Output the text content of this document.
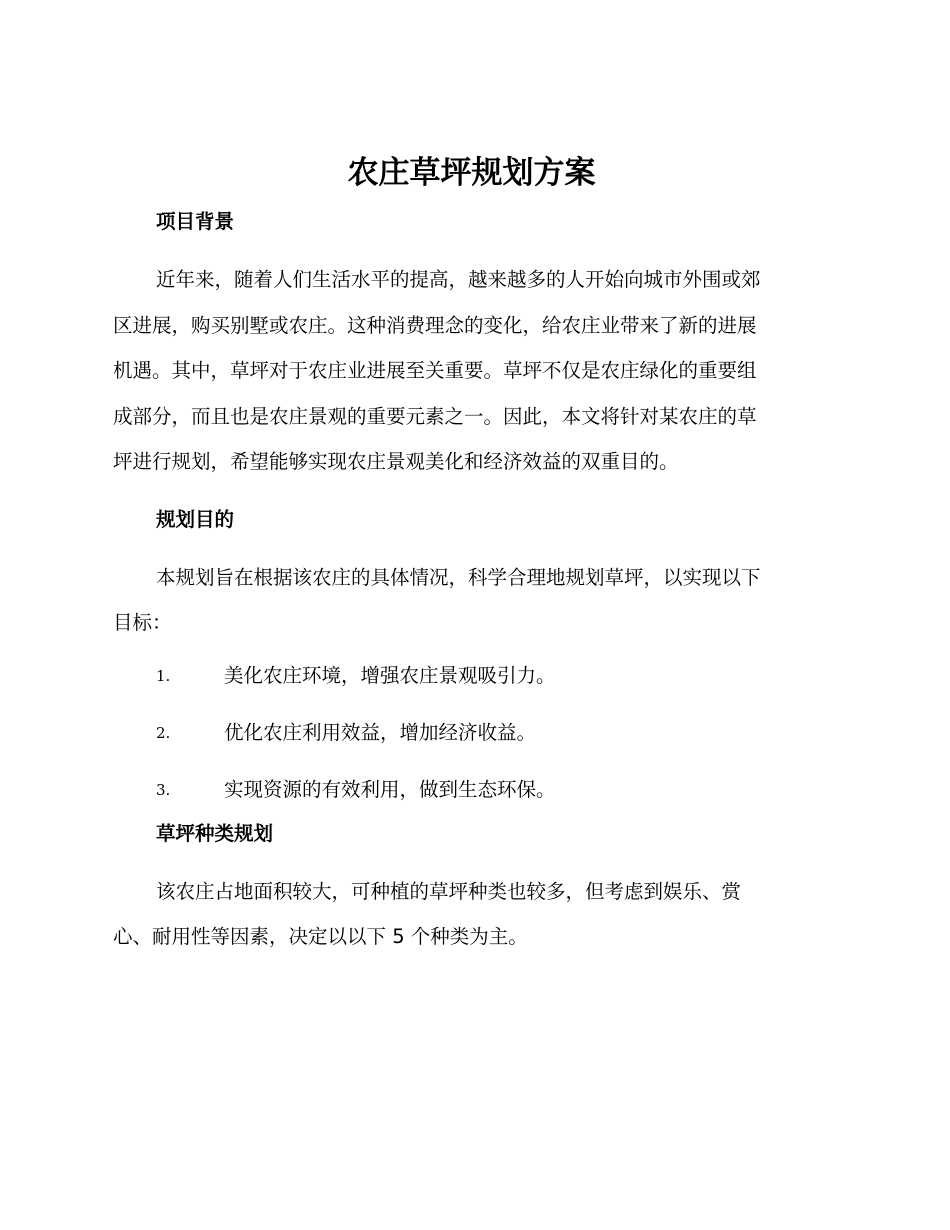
农庄草坪规划方案
项目背景

近年来，随着人们生活水平的提高，越来越多的人开始向城市外围或郊
区进展，购买别墅或农庄。这种消费理念的变化，给农庄业带来了新的进展
机遇。其中，草坪对于农庄业进展至关重要。草坪不仅是农庄绿化的重要组
成部分，而且也是农庄景观的重要元素之一。因此，本文将针对某农庄的草
坪进行规划，希望能够实现农庄景观美化和经济效益的双重目的。

规划目的

本规划旨在根据该农庄的具体情况，科学合理地规划草坪，以实现以下
目标：

1.	美化农庄环境，增强农庄景观吸引力。
2.	优化农庄利用效益，增加经济收益。
3.	实现资源的有效利用，做到生态环保。
草坪种类规划

该农庄占地面积较大，可种植的草坪种类也较多，但考虑到娱乐、赏
心、耐用性等因素，决定以以下 5 个种类为主。
